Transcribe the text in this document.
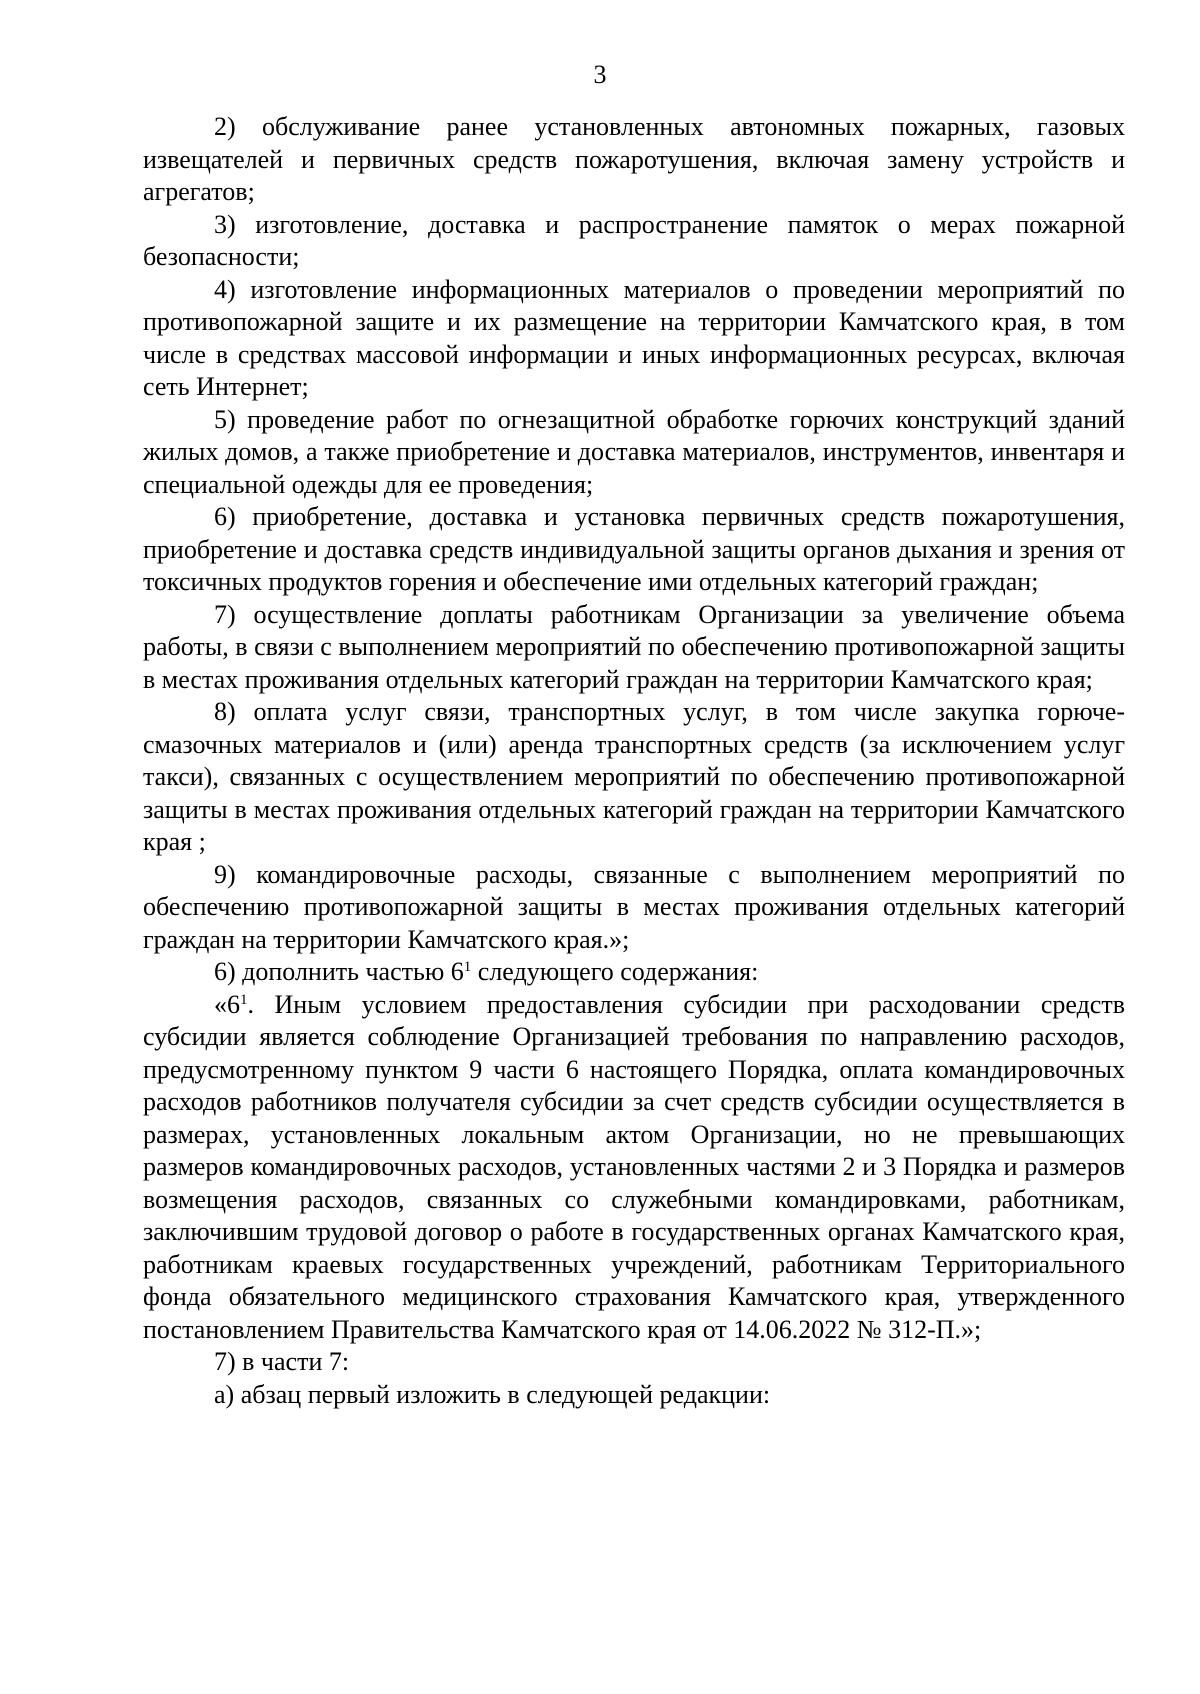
3

2) обслуживание ранее установленных автономных пожарных, газовых извещателей и первичных средств пожаротушения, включая замену устройств и агрегатов;

3) изготовление, доставка и распространение памяток о мерах пожарной безопасности;

4) изготовление информационных материалов о проведении мероприятий по противопожарной защите и их размещение на территории Камчатского края, в том числе в средствах массовой информации и иных информационных ресурсах, включая сеть Интернет;

5) проведение работ по огнезащитной обработке горючих конструкций зданий жилых домов, а также приобретение и доставка материалов, инструментов, инвентаря и специальной одежды для ее проведения;

6) приобретение, доставка и установка первичных средств пожаротушения, приобретение и доставка средств индивидуальной защиты органов дыхания и зрения от токсичных продуктов горения и обеспечение ими отдельных категорий граждан;

7) осуществление доплаты работникам Организации за увеличение объема работы, в связи с выполнением мероприятий по обеспечению противопожарной защиты в местах проживания отдельных категорий граждан на территории Камчатского края;

8) оплата услуг связи, транспортных услуг, в том числе закупка горюче-смазочных материалов и (или) аренда транспортных средств (за исключением услуг такси), связанных с осуществлением мероприятий по обеспечению противопожарной защиты в местах проживания отдельных категорий граждан на территории Камчатского края ;

9) командировочные расходы, связанные с выполнением мероприятий по обеспечению противопожарной защиты в местах проживания отдельных категорий граждан на территории Камчатского края.»;

6) дополнить частью $6^1$ следующего содержания:

«$6^1$. Иным условием предоставления субсидии при расходовании средств субсидии является соблюдение Организацией требования по направлению расходов, предусмотренному пунктом 9 части 6 настоящего Порядка, оплата командировочных расходов работников получателя субсидии за счет средств субсидии осуществляется в размерах, установленных локальным актом Организации, но не превышающих размеров командировочных расходов, установленных частями 2 и 3 Порядка и размеров возмещения расходов, связанных со служебными командировками, работникам, заключившим трудовой договор о работе в государственных органах Камчатского края, работникам краевых государственных учреждений, работникам Территориального фонда обязательного медицинского страхования Камчатского края, утвержденного постановлением Правительства Камчатского края от 14.06.2022 № 312-П.»;

7) в части 7:

а) абзац первый изложить в следующей редакции:
